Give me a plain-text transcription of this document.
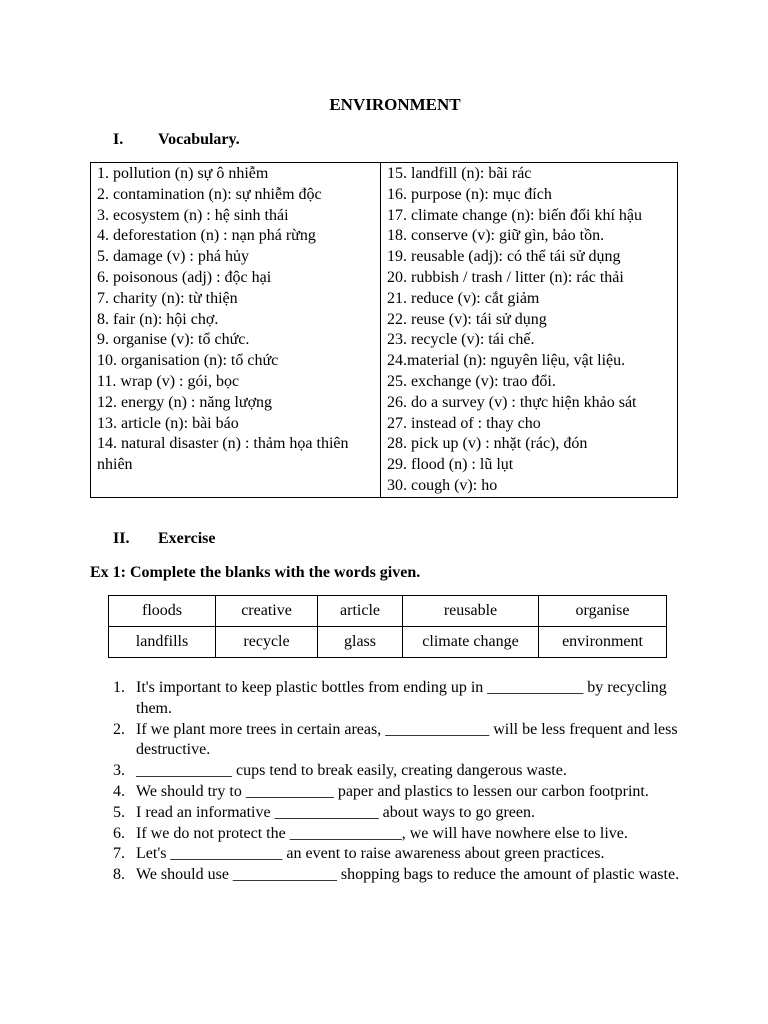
ENVIRONMENT
I. Vocabulary.
1. pollution (n) sự ô nhiễm
2. contamination (n): sự nhiễm độc
3. ecosystem (n) : hệ sinh thái
4. deforestation (n) : nạn phá rừng
5. damage (v) : phá hủy
6. poisonous (adj) : độc hại
7. charity (n): từ thiện
8. fair (n): hội chợ.
9. organise (v): tổ chức.
10. organisation (n): tổ chức
11. wrap (v) : gói, bọc
12. energy (n) : năng lượng
13. article (n): bài báo
14. natural disaster (n) : thảm họa thiên nhiên

15. landfill (n): bãi rác
16. purpose (n): mục đích
17. climate change (n): biến đổi khí hậu
18. conserve (v): giữ gìn, bảo tồn.
19. reusable (adj): có thể tái sử dụng
20. rubbish / trash / litter (n): rác thải
21. reduce (v): cắt giảm
22. reuse (v): tái sử dụng
23. recycle (v): tái chế.
24.material (n): nguyên liệu, vật liệu.
25. exchange (v): trao đổi.
26. do a survey (v) : thực hiện khảo sát
27. instead of : thay cho
28. pick up (v) : nhặt (rác), đón
29. flood (n) : lũ lụt
30. cough (v): ho
II. Exercise
Ex 1: Complete the blanks with the words given.
floods	creative	article	reusable	organise
landfills	recycle	glass	climate change	environment
1. It's important to keep plastic bottles from ending up in ____________ by recycling them.
2. If we plant more trees in certain areas, _____________ will be less frequent and less destructive.
3. ____________ cups tend to break easily, creating dangerous waste.
4. We should try to ___________ paper and plastics to lessen our carbon footprint.
5. I read an informative _____________ about ways to go green.
6. If we do not protect the ______________, we will have nowhere else to live.
7. Let's ______________ an event to raise awareness about green practices.
8. We should use _____________ shopping bags to reduce the amount of plastic waste.
